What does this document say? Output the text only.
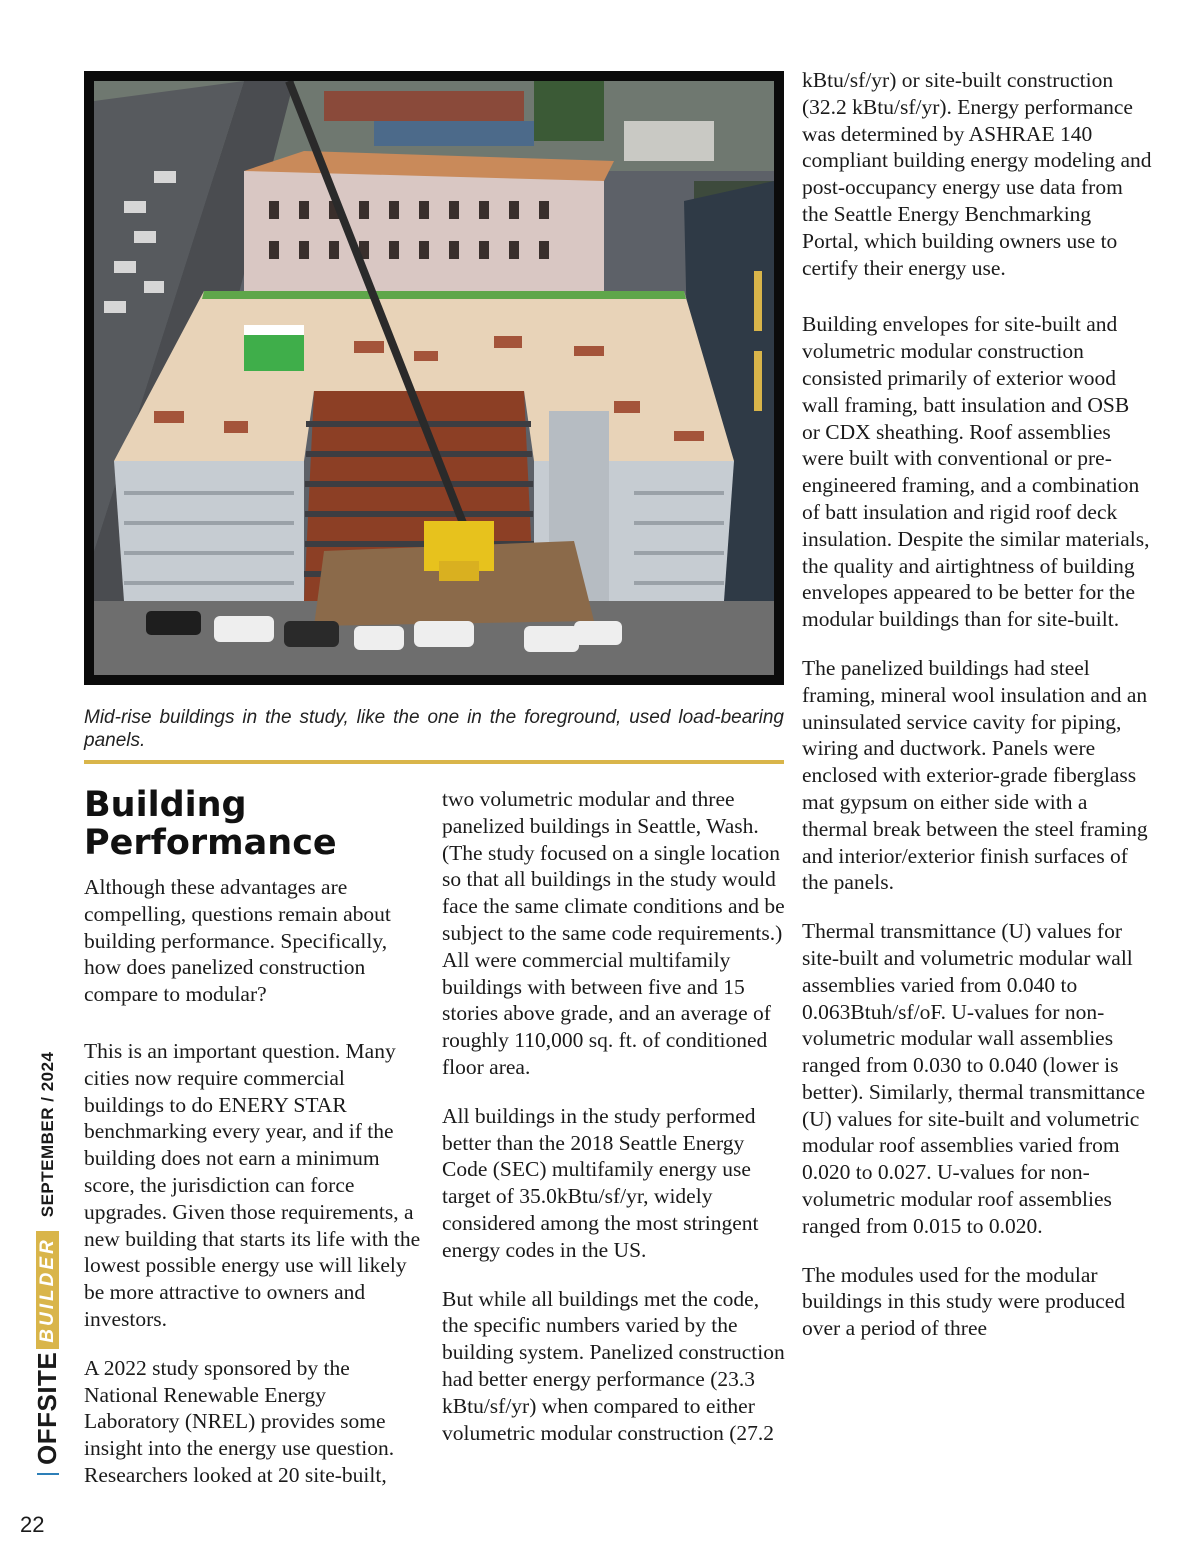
Mid-rise buildings in the study, like the one in the foreground, used load-bearing panels.
Building Performance

Although these advantages are compelling, questions remain about building performance. Specifically, how does panelized construction compare to modular?

This is an important question. Many cities now require commercial buildings to do ENERY STAR benchmarking every year, and if the building does not earn a minimum score, the jurisdiction can force upgrades. Given those requirements, a new building that starts its life with the lowest possible energy use will likely be more attractive to owners and investors.

A 2022 study sponsored by the National Renewable Energy Laboratory (NREL) provides some insight into the energy use question. Researchers looked at 20 site-built,

two volumetric modular and three panelized buildings in Seattle, Wash. (The study focused on a single location so that all buildings in the study would face the same climate conditions and be subject to the same code requirements.) All were commercial multifamily buildings with between five and 15 stories above grade, and an average of roughly 110,000 sq. ft. of conditioned floor area.

All buildings in the study performed better than the 2018 Seattle Energy Code (SEC) multifamily energy use target of 35.0kBtu/sf/yr, widely considered among the most stringent energy codes in the US.

But while all buildings met the code, the specific numbers varied by the building system. Panelized construction had better energy performance (23.3 kBtu/sf/yr) when compared to either volumetric modular construction (27.2

kBtu/sf/yr) or site-built construction (32.2 kBtu/sf/yr). Energy performance was determined by ASHRAE 140 compliant building energy modeling and post-occupancy energy use data from the Seattle Energy Benchmarking Portal, which building owners use to certify their energy use.

Building envelopes for site-built and volumetric modular construction consisted primarily of exterior wood wall framing, batt insulation and OSB or CDX sheathing. Roof assemblies were built with conventional or pre-engineered framing, and a combination of batt insulation and rigid roof deck insulation. Despite the similar materials, the quality and airtightness of building envelopes appeared to be better for the modular buildings than for site-built.

The panelized buildings had steel framing, mineral wool insulation and an uninsulated service cavity for piping, wiring and ductwork. Panels were enclosed with exterior-grade fiberglass mat gypsum on either side with a thermal break between the steel framing and interior/exterior finish surfaces of the panels.

Thermal transmittance (U) values for site-built and volumetric modular wall assemblies varied from 0.040 to 0.063Btuh/sf/oF. U-values for non-volumetric modular wall assemblies ranged from 0.030 to 0.040 (lower is better). Similarly, thermal transmittance (U) values for site-built and volumetric modular roof assemblies varied from 0.020 to 0.027. U-values for non-volumetric modular roof assemblies ranged from 0.015 to 0.020.

The modules used for the modular buildings in this study were produced over a period of three

OFFSITEBUILDERSEPTEMBER / 2024
22
